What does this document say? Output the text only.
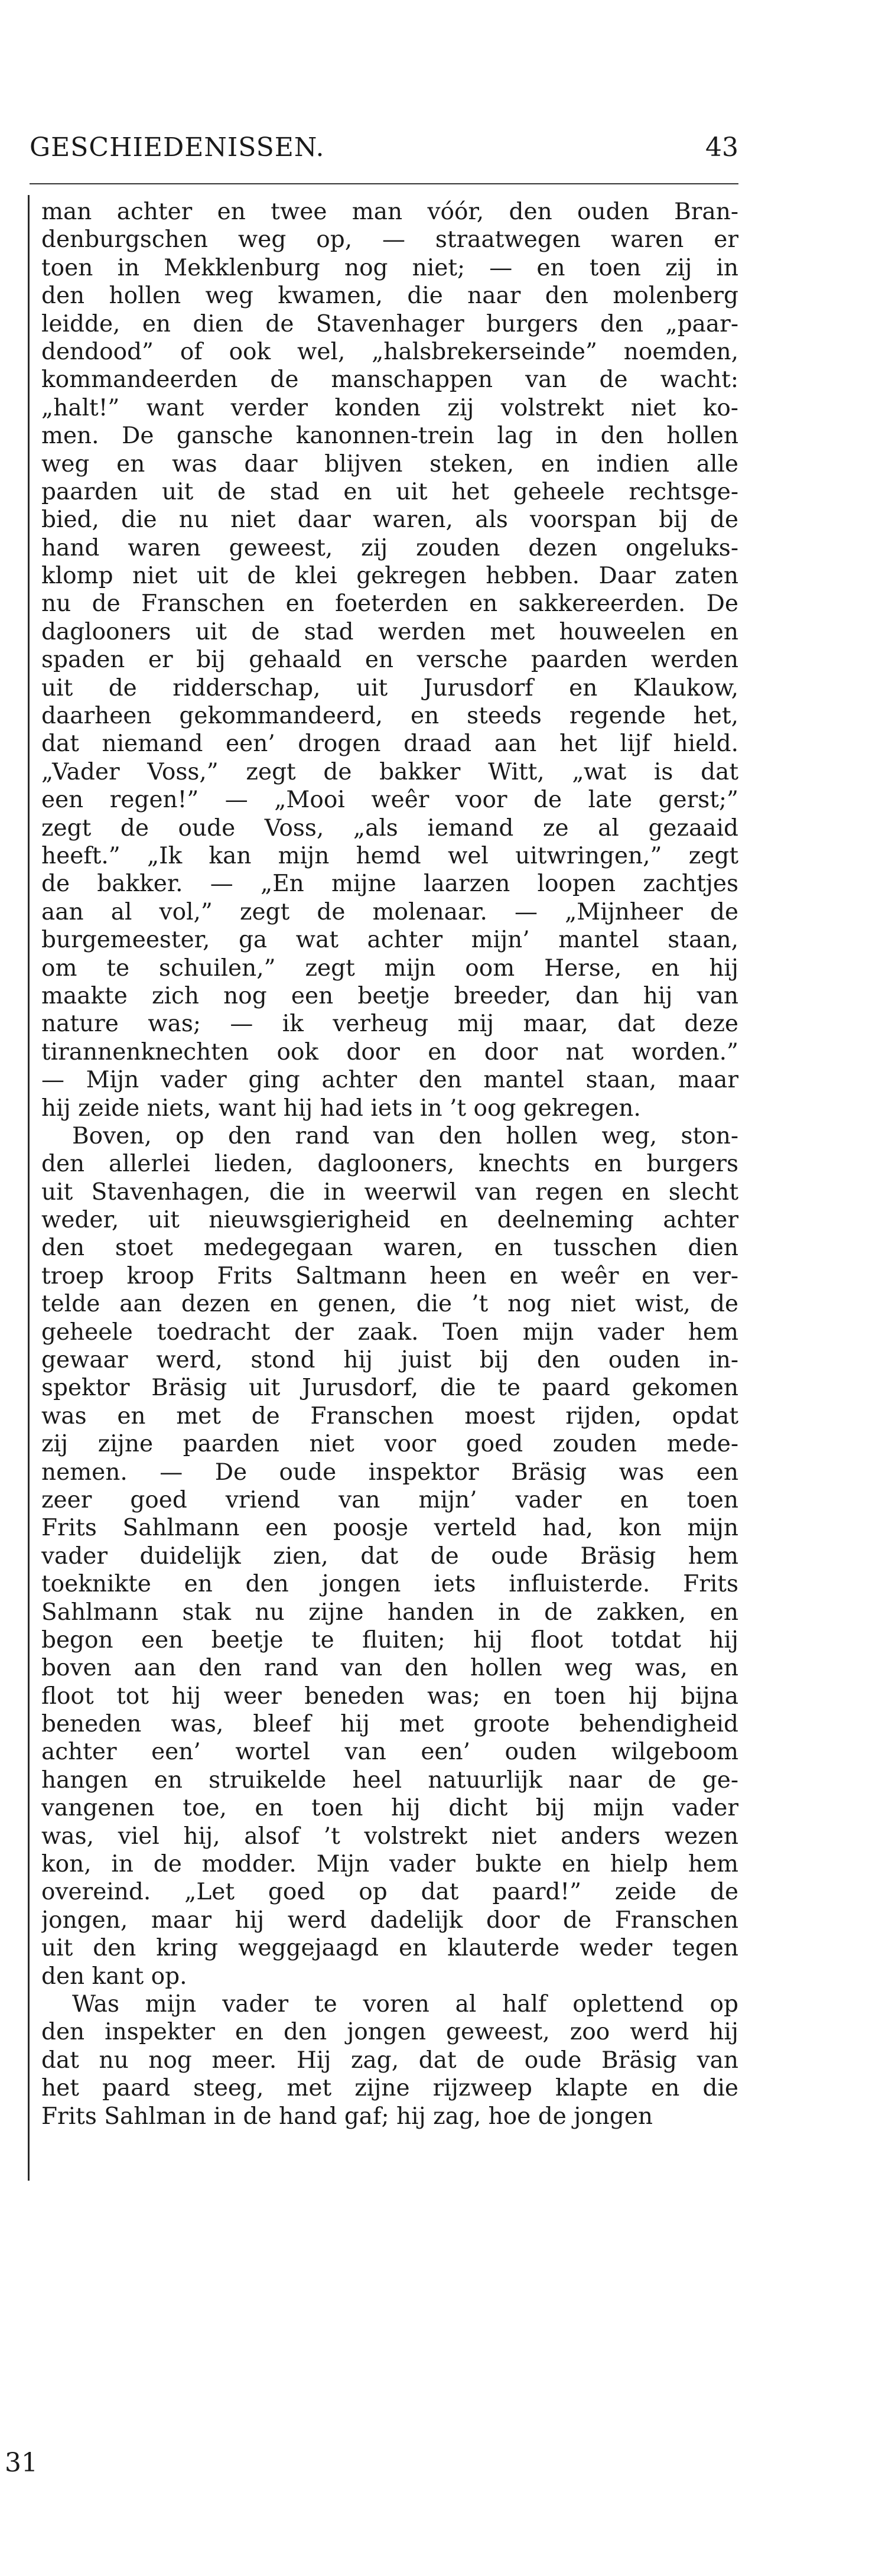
GESCHIEDENISSEN.	43
man achter en twee man vóór, den ouden Bran-
denburgschen weg op, — straatwegen waren er
toen in Mekklenburg nog niet; — en toen zij in
den hollen weg kwamen, die naar den molenberg
leidde, en dien de Stavenhager burgers den „paar-
dendood” of ook wel, „halsbrekerseinde” noemden,
kommandeerden de manschappen van de wacht:
„halt!” want verder konden zij volstrekt niet ko-
men. De gansche kanonnen-trein lag in den hollen
weg en was daar blijven steken, en indien alle
paarden uit de stad en uit het geheele rechtsge-
bied, die nu niet daar waren, als voorspan bij de
hand waren geweest, zij zouden dezen ongeluks-
klomp niet uit de klei gekregen hebben. Daar zaten
nu de Franschen en foeterden en sakkereerden. De
daglooners uit de stad werden met houweelen en
spaden er bij gehaald en versche paarden werden
uit de ridderschap, uit Jurusdorf en Klaukow,
daarheen gekommandeerd, en steeds regende het,
dat niemand een’ drogen draad aan het lijf hield.
„Vader Voss,” zegt de bakker Witt, „wat is dat
een regen!” — „Mooi weêr voor de late gerst;”
zegt de oude Voss, „als iemand ze al gezaaid
heeft.” „Ik kan mijn hemd wel uitwringen,” zegt
de bakker. — „En mijne laarzen loopen zachtjes
aan al vol,” zegt de molenaar. — „Mijnheer de
burgemeester, ga wat achter mijn’ mantel staan,
om te schuilen,” zegt mijn oom Herse, en hij
maakte zich nog een beetje breeder, dan hij van
nature was; — ik verheug mij maar, dat deze
tirannenknechten ook door en door nat worden.”
— Mijn vader ging achter den mantel staan, maar
hij zeide niets, want hij had iets in ’t oog gekregen.
Boven, op den rand van den hollen weg, ston-
den allerlei lieden, daglooners, knechts en burgers
uit Stavenhagen, die in weerwil van regen en slecht
weder, uit nieuwsgierigheid en deelneming achter
den stoet medegegaan waren, en tusschen dien
troep kroop Frits Saltmann heen en weêr en ver-
telde aan dezen en genen, die ’t nog niet wist, de
geheele toedracht der zaak. Toen mijn vader hem
gewaar werd, stond hij juist bij den ouden in-
spektor Bräsig uit Jurusdorf, die te paard gekomen
was en met de Franschen moest rijden, opdat
zij zijne paarden niet voor goed zouden mede-
nemen. — De oude inspektor Bräsig was een
zeer goed vriend van mijn’ vader en toen
Frits Sahlmann een poosje verteld had, kon mijn
vader duidelijk zien, dat de oude Bräsig hem
toeknikte en den jongen iets influisterde. Frits
Sahlmann stak nu zijne handen in de zakken, en
begon een beetje te fluiten; hij floot totdat hij
boven aan den rand van den hollen weg was, en
floot tot hij weer beneden was; en toen hij bijna
beneden was, bleef hij met groote behendigheid
achter een’ wortel van een’ ouden wilgeboom
hangen en struikelde heel natuurlijk naar de ge-
vangenen toe, en toen hij dicht bij mijn vader
was, viel hij, alsof ’t volstrekt niet anders wezen
kon, in de modder. Mijn vader bukte en hielp hem
overeind. „Let goed op dat paard!” zeide de
jongen, maar hij werd dadelijk door de Franschen
uit den kring weggejaagd en klauterde weder tegen
den kant op.
Was mijn vader te voren al half oplettend op
den inspekter en den jongen geweest, zoo werd hij
dat nu nog meer. Hij zag, dat de oude Bräsig van
het paard steeg, met zijne rijzweep klapte en die
Frits Sahlman in de hand gaf; hij zag, hoe de jongen
31
